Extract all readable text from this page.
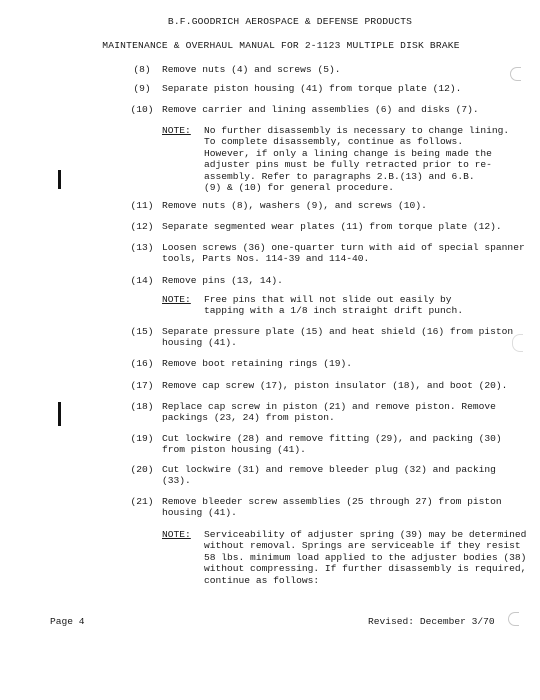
B.F.GOODRICH AEROSPACE & DEFENSE PRODUCTS
MAINTENANCE & OVERHAUL MANUAL FOR 2-1123 MULTIPLE DISK BRAKE
(8)	Remove nuts (4) and screws (5).
(9)	Separate piston housing (41) from torque plate (12).
(10) Remove carrier and lining assemblies (6) and disks (7).
NOTE: No further disassembly is necessary to change lining.
To complete disassembly, continue as follows.
However, if only a lining change is being made the
adjuster pins must be fully retracted prior to re-
assembly. Refer to paragraphs 2.B.(13) and 6.B.
(9) & (10) for general procedure.
(11) Remove nuts (8), washers (9), and screws (10).
(12) Separate segmented wear plates (11) from torque plate (12).
(13) Loosen screws (36) one-quarter turn with aid of special spanner
tools, Parts Nos. 114-39 and 114-40.
(14) Remove pins (13, 14).
NOTE: Free pins that will not slide out easily by
tapping with a 1/8 inch straight drift punch.
(15) Separate pressure plate (15) and heat shield (16) from piston
housing (41).
(16) Remove boot retaining rings (19).
(17) Remove cap screw (17), piston insulator (18), and boot (20).
(18) Replace cap screw in piston (21) and remove piston. Remove
packings (23, 24) from piston.
(19) Cut lockwire (28) and remove fitting (29), and packing (30)
from piston housing (41).
(20) Cut lockwire (31) and remove bleeder plug (32) and packing
(33).
(21) Remove bleeder screw assemblies (25 through 27) from piston
housing (41).
NOTE: Serviceability of adjuster spring (39) may be determined
without removal. Springs are serviceable if they resist
58 lbs. minimum load applied to the adjuster bodies (38)
without compressing. If further disassembly is required,
continue as follows:
Page 4	Revised: December 3/70
